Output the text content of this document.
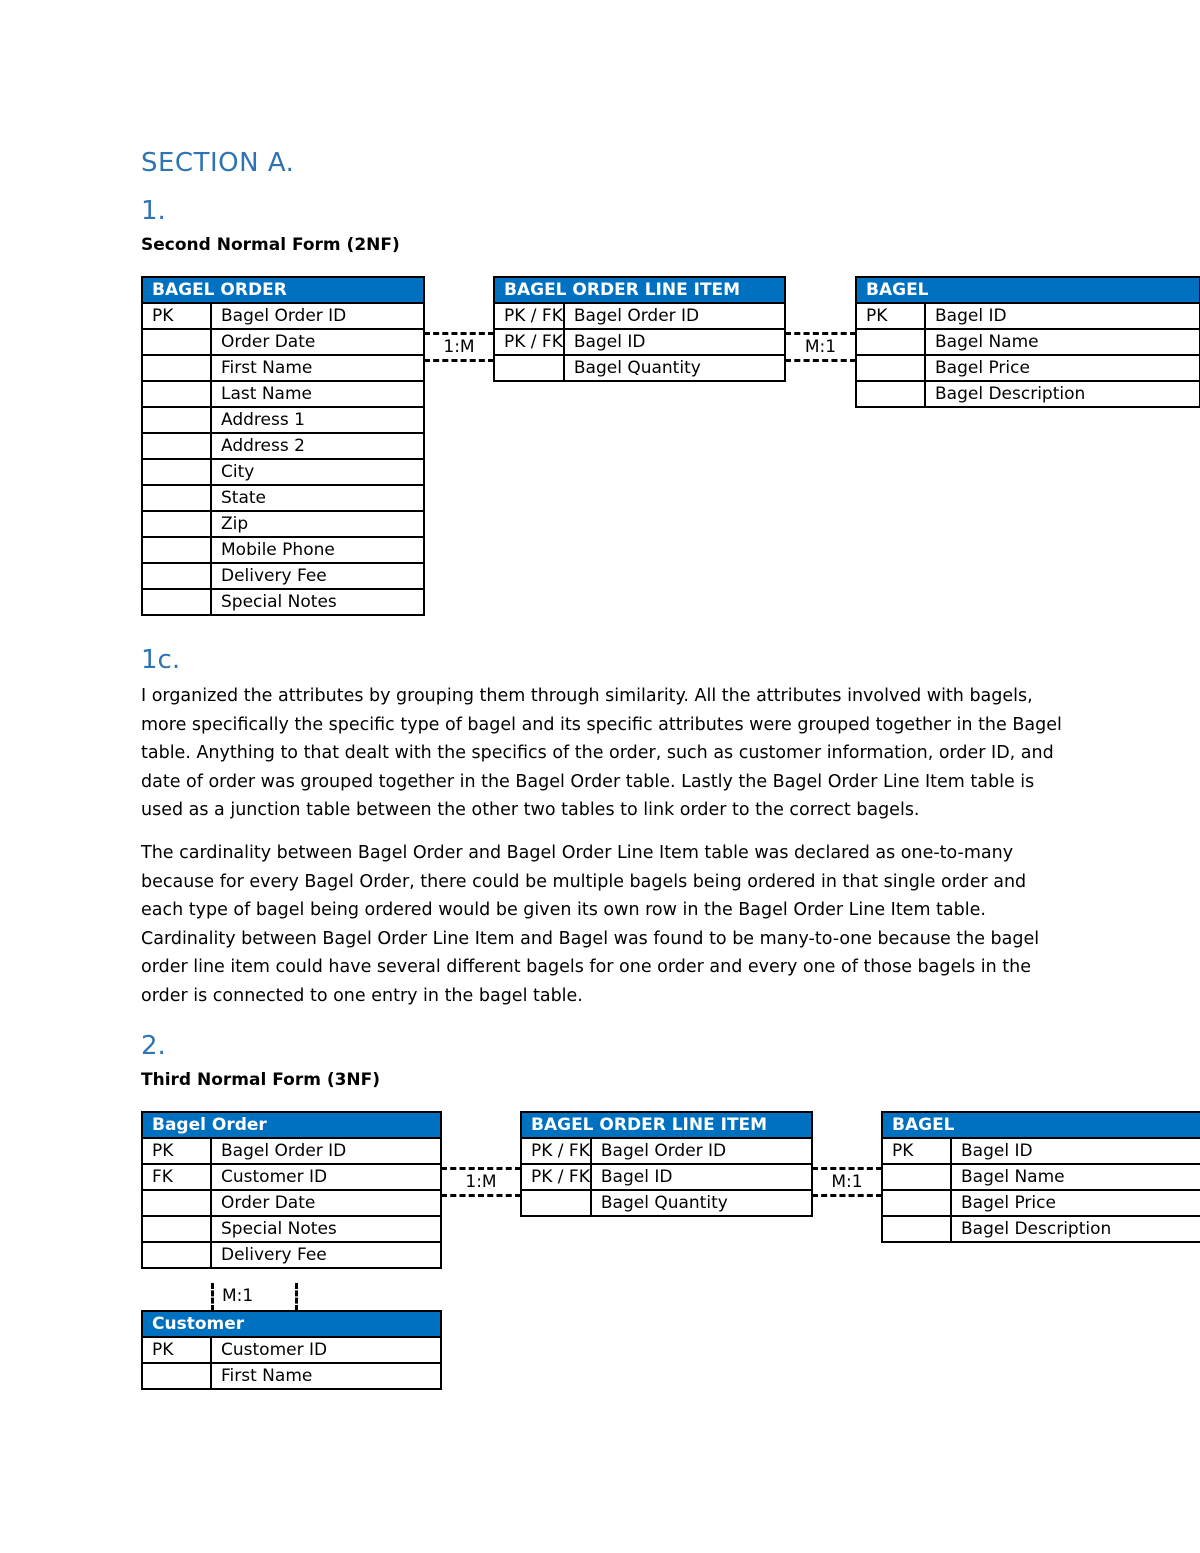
SECTION A.
1.
Second Normal Form (2NF)
BAGEL ORDER	
PK	Bagel Order ID
	Order Date
	First Name
	Last Name
	Address 1
	Address 2
	City
	State
	Zip
	Mobile Phone
	Delivery Fee
	Special Notes
BAGEL ORDER LINE ITEM	
PK / FK	Bagel Order ID
PK / FK	Bagel ID
	Bagel Quantity
BAGEL	
PK	Bagel ID
	Bagel Name
	Bagel Price
	Bagel Description
1:M	M:1
1c.
I organized the attributes by grouping them through similarity. All the attributes involved with bagels, more specifically the specific type of bagel and its specific attributes were grouped together in the Bagel table. Anything to that dealt with the specifics of the order, such as customer information, order ID, and date of order was grouped together in the Bagel Order table. Lastly the Bagel Order Line Item table is used as a junction table between the other two tables to link order to the correct bagels.
The cardinality between Bagel Order and Bagel Order Line Item table was declared as one-to-many because for every Bagel Order, there could be multiple bagels being ordered in that single order and each type of bagel being ordered would be given its own row in the Bagel Order Line Item table. Cardinality between Bagel Order Line Item and Bagel was found to be many-to-one because the bagel order line item could have several different bagels for one order and every one of those bagels in the order is connected to one entry in the bagel table.
2.
Third Normal Form (3NF)
Bagel Order	
PK	Bagel Order ID
FK	Customer ID
	Order Date
	Special Notes
	Delivery Fee
BAGEL ORDER LINE ITEM	
PK / FK	Bagel Order ID
PK / FK	Bagel ID
	Bagel Quantity
BAGEL	
PK	Bagel ID
	Bagel Name
	Bagel Price
	Bagel Description
Customer	
PK	Customer ID
	First Name
1:M	M:1
M:1
